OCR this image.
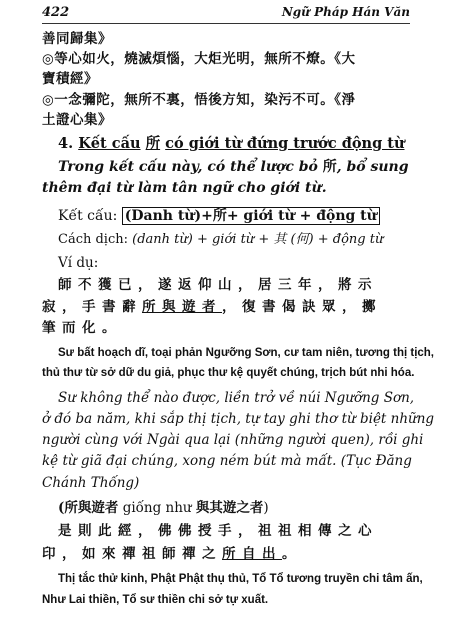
422	Ngữ Pháp Hán Văn
善同歸集》
◎等心如火，燒滅煩惱，大炬光明，無所不燎。《大
寶積經》
◎一念彌陀，無所不裏，悟後方知，染污不可。《淨
土證心集》
4. Kết cấu 所 có giới từ đứng trước động từ
Trong kết cấu này, có thể lược bỏ 所, bổ sung
thêm đại từ làm tân ngữ cho giới từ.
Kết cấu: (Danh từ)+所+ giới từ + động từ
Cách dịch: (danh từ) + giới từ + 其 (何) + động từ
Ví dụ:
師不獲已，遂返仰山，居三年，將示
寂，手書辭所與遊者，復書偈訣眾，擲
筆而化。
Sư bất hoạch dĩ, toại phản Ngưỡng Sơn, cư tam niên, tương thị tịch,
thủ thư từ sở dữ du giả, phục thư kệ quyết chúng, trịch bút nhi hóa.
Sư không thể nào được, liền trở về núi Ngưỡng Sơn,
ở đó ba năm, khi sắp thị tịch, tự tay ghi thơ từ biệt những
người cùng với Ngài qua lại (những người quen), rồi ghi
kệ từ giã đại chúng, xong ném bút mà mất. (Tục Đăng
Chánh Thống)
(所與遊者 giống như 與其遊之者)
是則此經，佛佛授手，祖祖相傳之心
印，如來禪祖師禪之所自出。
Thị tắc thử kinh, Phật Phật thụ thủ, Tổ Tổ tương truyền chi tâm ấn,
Như Lai thiền, Tổ sư thiền chi sở tự xuất.
